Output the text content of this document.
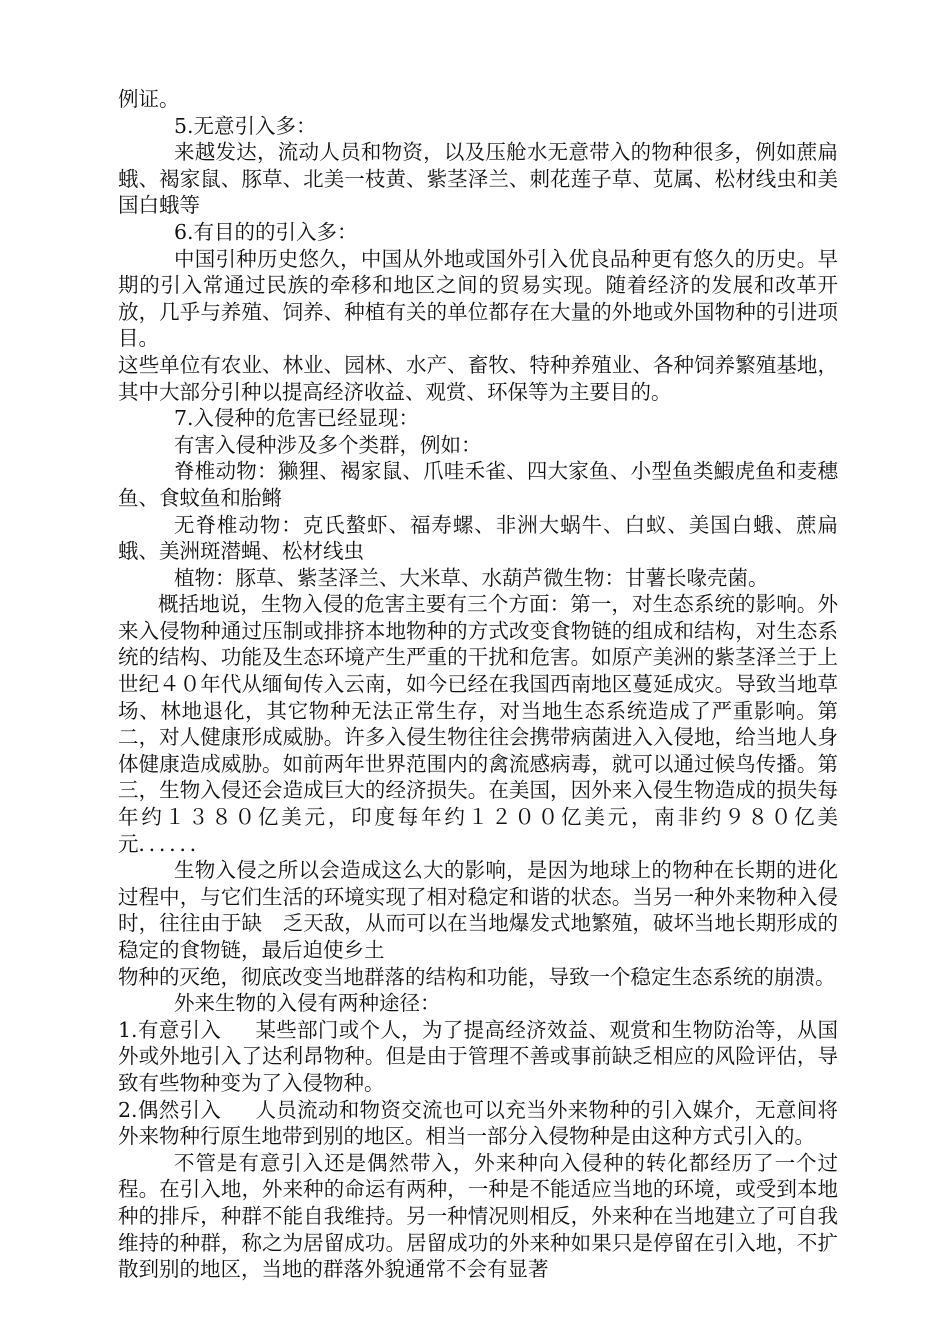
例证。

5.无意引入多：

来越发达，流动人员和物资，以及压舱水无意带入的物种很多，例如蔗扁蛾、褐家鼠、豚草、北美一枝黄、紫茎泽兰、刺花莲子草、苋属、松材线虫和美国白蛾等

6.有目的的引入多：

中国引种历史悠久，中国从外地或国外引入优良品种更有悠久的历史。早期的引入常通过民族的牵移和地区之间的贸易实现。随着经济的发展和改革开放，几乎与养殖、饲养、种植有关的单位都存在大量的外地或外国物种的引进项目。

这些单位有农业、林业、园林、水产、畜牧、特种养殖业、各种饲养繁殖基地，其中大部分引种以提高经济收益、观赏、环保等为主要目的。

7.入侵种的危害已经显现：

有害入侵种涉及多个类群，例如：

脊椎动物：獭狸、褐家鼠、爪哇禾雀、四大家鱼、小型鱼类鰕虎鱼和麦穗鱼、食蚊鱼和胎鳉

无脊椎动物：克氏螯虾、福寿螺、非洲大蜗牛、白蚁、美国白蛾、蔗扁蛾、美洲斑潜蝇、松材线虫

植物：豚草、紫茎泽兰、大米草、水葫芦微生物：甘薯长喙壳菌。

概括地说，生物入侵的危害主要有三个方面：第一，对生态系统的影响。外来入侵物种通过压制或排挤本地物种的方式改变食物链的组成和结构，对生态系统的结构、功能及生态环境产生严重的干扰和危害。如原产美洲的紫茎泽兰于上世纪４０年代从缅甸传入云南，如今已经在我国西南地区蔓延成灾。导致当地草场、林地退化，其它物种无法正常生存，对当地生态系统造成了严重影响。第二，对人健康形成威胁。许多入侵生物往往会携带病菌进入入侵地，给当地人身体健康造成威胁。如前两年世界范围内的禽流感病毒，就可以通过候鸟传播。第三，生物入侵还会造成巨大的经济损失。在美国，因外来入侵生物造成的损失每年约１３８０亿美元，印度每年约１２００亿美元，南非约９８０亿美元．．．．．．

生物入侵之所以会造成这么大的影响，是因为地球上的物种在长期的进化过程中，与它们生活的环境实现了相对稳定和谐的状态。当另一种外来物种入侵时，往往由于缺　乏天敌，从而可以在当地爆发式地繁殖，破坏当地长期形成的稳定的食物链，最后迫使乡土

物种的灭绝，彻底改变当地群落的结构和功能，导致一个稳定生态系统的崩溃。

外来生物的入侵有两种途径：

1.有意引入 某些部门或个人，为了提高经济效益、观赏和生物防治等，从国外或外地引入了达利昂物种。但是由于管理不善或事前缺乏相应的风险评估，导致有些物种变为了入侵物种。

2.偶然引入 人员流动和物资交流也可以充当外来物种的引入媒介，无意间将外来物种行原生地带到别的地区。相当一部分入侵物种是由这种方式引入的。

不管是有意引入还是偶然带入，外来种向入侵种的转化都经历了一个过程。在引入地，外来种的命运有两种，一种是不能适应当地的环境，或受到本地种的排斥，种群不能自我维持。另一种情况则相反，外来种在当地建立了可自我维持的种群，称之为居留成功。居留成功的外来种如果只是停留在引入地，不扩散到别的地区，当地的群落外貌通常不会有显著
